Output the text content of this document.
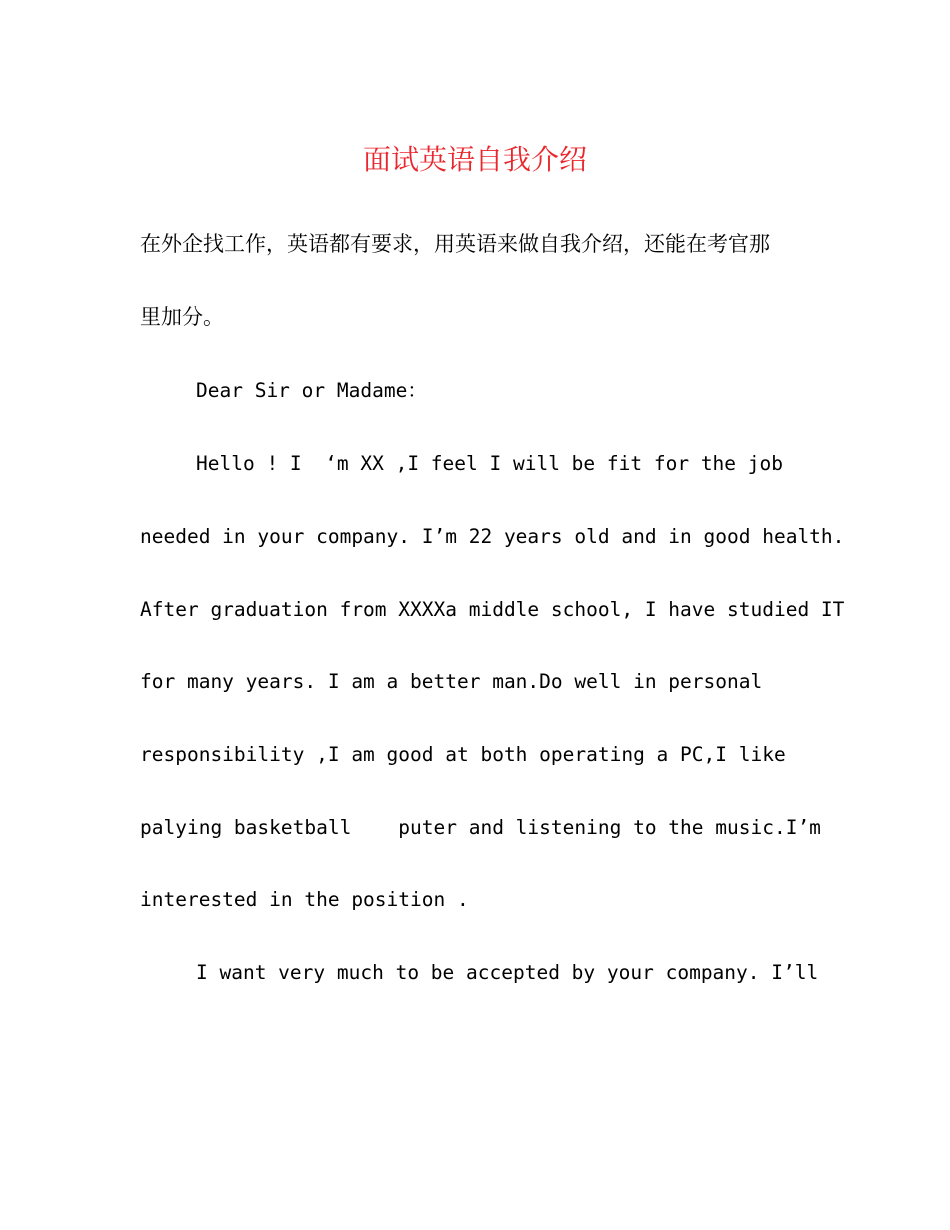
面试英语自我介绍

在外企找工作，英语都有要求，用英语来做自我介绍，还能在考官那

里加分。

Dear Sir or Madame：

Hello ! I  ‘m XX ,I feel I will be fit for the job

needed in your company. I’m 22 years old and in good health.

After graduation from XXXXa middle school, I have studied IT

for many years. I am a better man.Do well in personal

responsibility ,I am good at both operating a PC,I like

palying basketball    puter and listening to the music.I’m

interested in the position .

I want very much to be accepted by your company. I’ll
